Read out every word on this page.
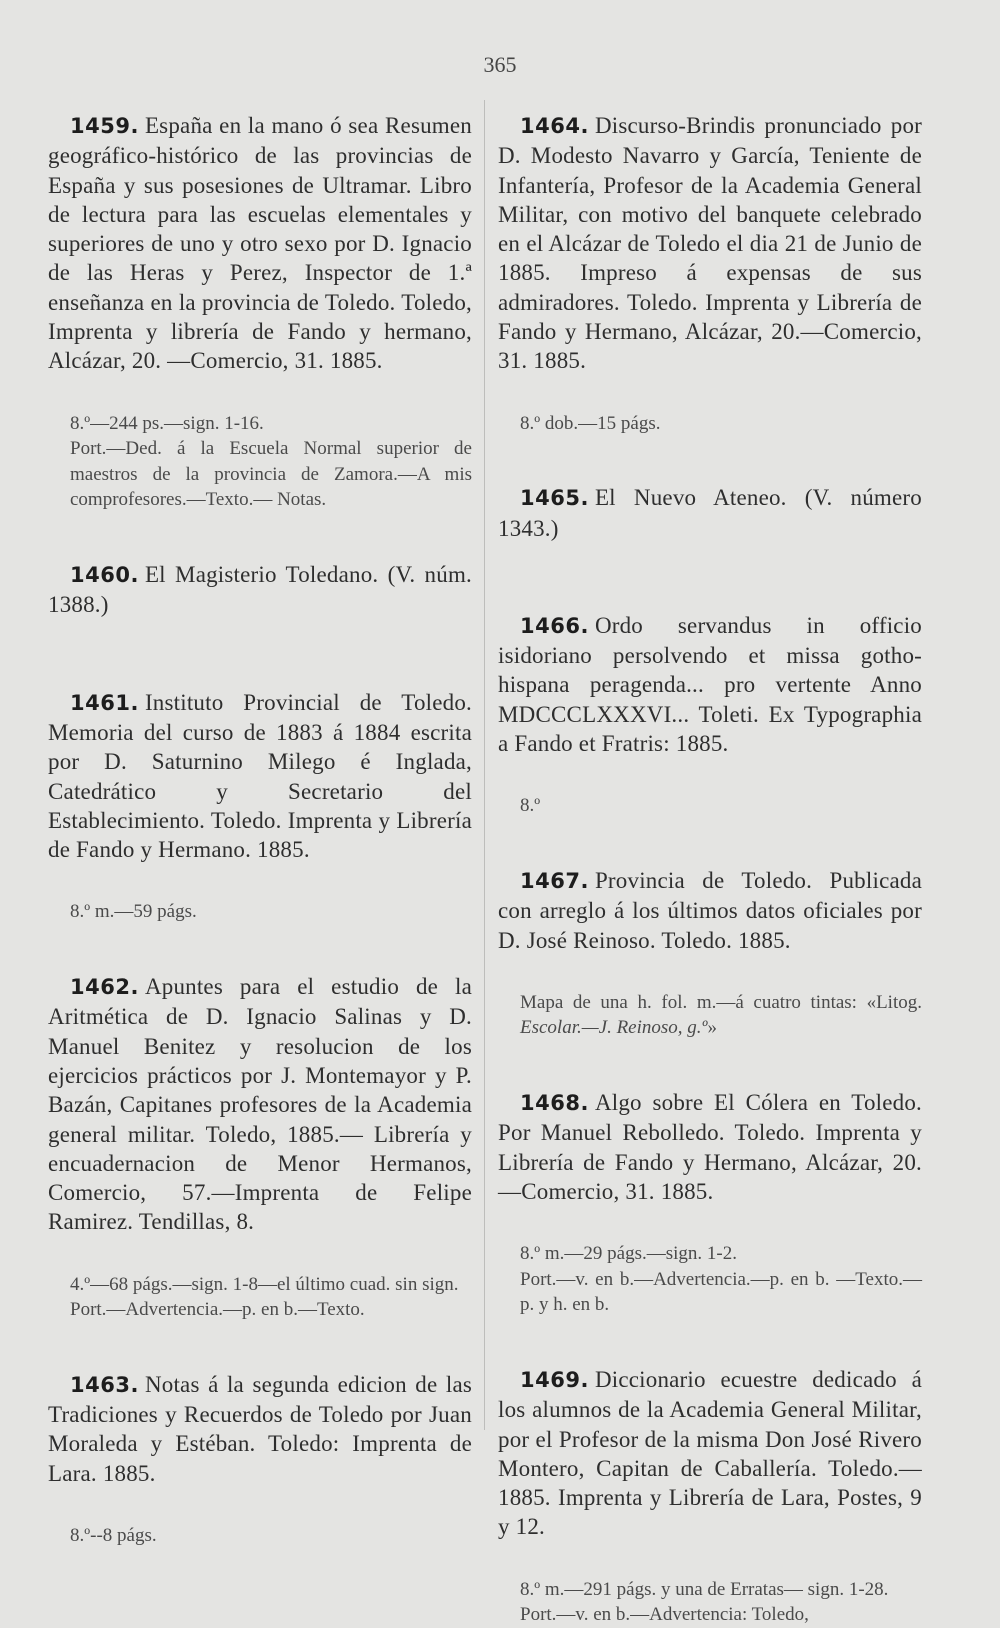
365

1459. España en la mano ó sea Resumen geográfico-histórico de las provincias de España y sus posesiones de Ultramar. Libro de lectura para las escuelas elementales y superiores de uno y otro sexo por D. Ignacio de las Heras y Perez, Inspector de 1.ª enseñanza en la provincia de Toledo. Toledo, Imprenta y librería de Fando y hermano, Alcázar, 20. —Comercio, 31. 1885.

8.º—244 ps.—sign. 1-16.

Port.—Ded. á la Escuela Normal superior de maestros de la provincia de Zamora.—A mis comprofesores.—Texto.— Notas.

1460. El Magisterio Toledano. (V. núm. 1388.)

1461. Instituto Provincial de Toledo. Memoria del curso de 1883 á 1884 escrita por D. Saturnino Milego é Inglada, Catedrático y Secretario del Establecimiento. Toledo. Imprenta y Librería de Fando y Hermano. 1885.

8.º m.—59 págs.

1462. Apuntes para el estudio de la Aritmética de D. Ignacio Salinas y D. Manuel Benitez y resolucion de los ejercicios prácticos por J. Montemayor y P. Bazán, Capitanes profesores de la Academia general militar. Toledo, 1885.— Librería y encuadernacion de Menor Hermanos, Comercio, 57.—Imprenta de Felipe Ramirez. Tendillas, 8.

4.º—68 págs.—sign. 1-8—el último cuad. sin sign.

Port.—Advertencia.—p. en b.—Texto.

1463. Notas á la segunda edicion de las Tradiciones y Recuerdos de Toledo por Juan Moraleda y Estéban. Toledo: Imprenta de Lara. 1885.

8.º--8 págs.

1464. Discurso-Brindis pronunciado por D. Modesto Navarro y García, Teniente de Infantería, Profesor de la Academia General Militar, con motivo del banquete celebrado en el Alcázar de Toledo el dia 21 de Junio de 1885. Impreso á expensas de sus admiradores. Toledo. Imprenta y Librería de Fando y Hermano, Alcázar, 20.—Comercio, 31. 1885.

8.º dob.—15 págs.

1465. El Nuevo Ateneo. (V. número 1343.)

1466. Ordo servandus in officio isidoriano persolvendo et missa gotho-hispana peragenda... pro vertente Anno MDCCCLXXXVI... Toleti. Ex Typographia a Fando et Fratris: 1885.

8.º

1467. Provincia de Toledo. Publicada con arreglo á los últimos datos oficiales por D. José Reinoso. Toledo. 1885.

Mapa de una h. fol. m.—á cuatro tintas: «Litog. Escolar.—J. Reinoso, g.º»

1468. Algo sobre El Cólera en Toledo. Por Manuel Rebolledo. Toledo. Imprenta y Librería de Fando y Hermano, Alcázar, 20.—Comercio, 31. 1885.

8.º m.—29 págs.—sign. 1-2.

Port.—v. en b.—Advertencia.—p. en b. —Texto.—p. y h. en b.

1469. Diccionario ecuestre dedicado á los alumnos de la Academia General Militar, por el Profesor de la misma Don José Rivero Montero, Capitan de Caballería. Toledo.—1885. Imprenta y Librería de Lara, Postes, 9 y 12.

8.º m.—291 págs. y una de Erratas— sign. 1-28.

Port.—v. en b.—Advertencia: Toledo,
